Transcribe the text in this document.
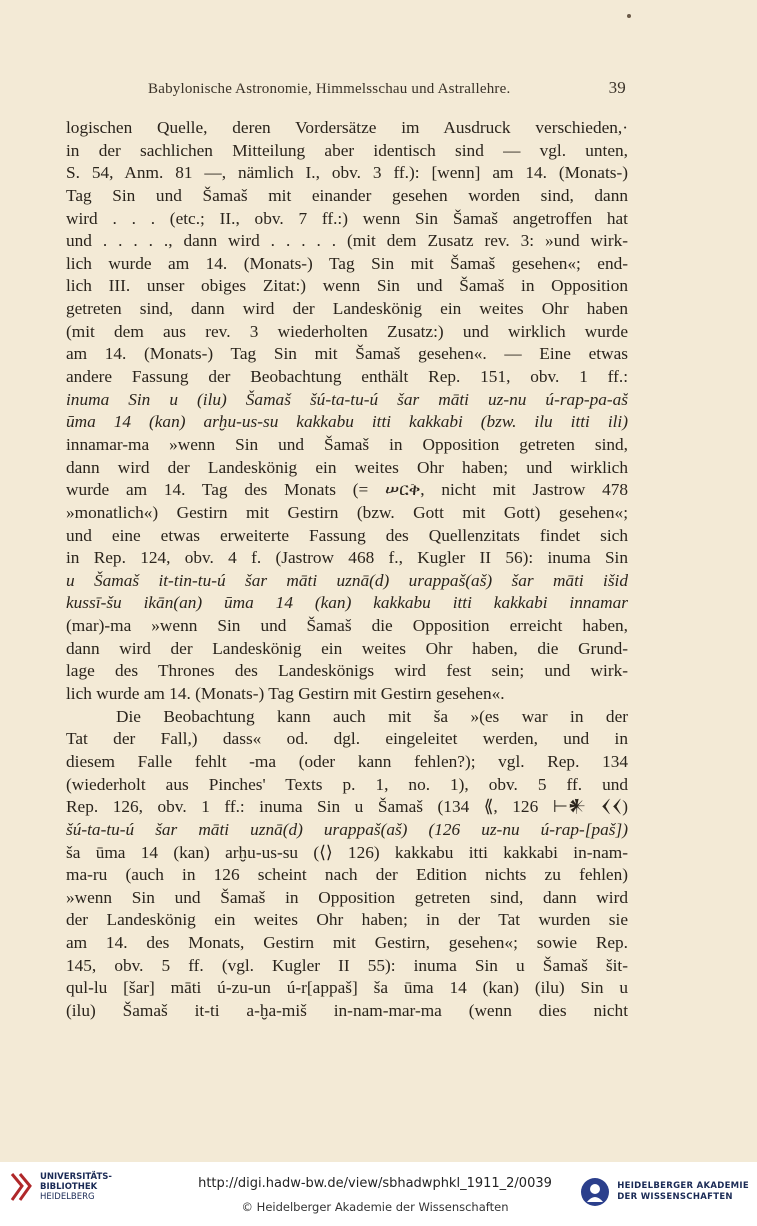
Babylonische Astronomie, Himmelsschau und Astrallehre.	39
logischen Quelle, deren Vordersätze im Ausdruck verschieden,·
in der sachlichen Mitteilung aber identisch sind — vgl. unten,
S. 54, Anm. 81 —, nämlich I., obv. 3 ff.): [wenn] am 14. (Monats-)
Tag Sin und Šamaš mit einander gesehen worden sind, dann
wird . . . (etc.; II., obv. 7 ff.:) wenn Sin Šamaš angetroffen hat
und . . . . ., dann wird . . . . . (mit dem Zusatz rev. 3: »und wirk-
lich wurde am 14. (Monats-) Tag Sin mit Šamaš gesehen«; end-
lich III. unser obiges Zitat:) wenn Sin und Šamaš in Opposition
getreten sind, dann wird der Landeskönig ein weites Ohr haben
(mit dem aus rev. 3 wiederholten Zusatz:) und wirklich wurde
am 14. (Monats-) Tag Sin mit Šamaš gesehen«. — Eine etwas
andere Fassung der Beobachtung enthält Rep. 151, obv. 1 ff.:
inuma Sin u (ilu) Šamaš šú-ta-tu-ú šar māti uz-nu ú-rap-pa-aš
ūma 14 (kan) arḫu-us-su kakkabu itti kakkabi (bzw. ilu itti ili)
innamar-ma »wenn Sin und Šamaš in Opposition getreten sind,
dann wird der Landeskönig ein weites Ohr haben; und wirklich
wurde am 14. Tag des Monats (= ሠርቅ, nicht mit Jastrow 478
»monatlich«) Gestirn mit Gestirn (bzw. Gott mit Gott) gesehen«;
und eine etwas erweiterte Fassung des Quellenzitats findet sich
in Rep. 124, obv. 4 f. (Jastrow 468 f., Kugler II 56): inuma Sin
u Šamaš it-tin-tu-ú šar māti uznā(d) urappaš(aš) šar māti išid
kussī-šu ikān(an) ūma 14 (kan) kakkabu itti kakkabi innamar
(mar)-ma »wenn Sin und Šamaš die Opposition erreicht haben,
dann wird der Landeskönig ein weites Ohr haben, die Grund-
lage des Thrones des Landeskönigs wird fest sein; und wirk-
lich wurde am 14. (Monats-) Tag Gestirn mit Gestirn gesehen«.
Die Beobachtung kann auch mit ša »(es war in der
Tat der Fall,) dass« od. dgl. eingeleitet werden, und in
diesem Falle fehlt -ma (oder kann fehlen?); vgl. Rep. 134
(wiederholt aus Pinches' Texts p. 1, no. 1), obv. 5 ff. und
Rep. 126, obv. 1 ff.: inuma Sin u Šamaš (134 ⟪, 126 ⊢𒀭 𒌋𒌋)
šú-ta-tu-ú šar māti uznā(d) urappaš(aš) (126 uz-nu ú-rap-[paš])
ša ūma 14 (kan) arḫu-us-su (⟨⟩ 126) kakkabu itti kakkabi in-nam-
ma-ru (auch in 126 scheint nach der Edition nichts zu fehlen)
»wenn Sin und Šamaš in Opposition getreten sind, dann wird
der Landeskönig ein weites Ohr haben; in der Tat wurden sie
am 14. des Monats, Gestirn mit Gestirn, gesehen«; sowie Rep.
145, obv. 5 ff. (vgl. Kugler II 55): inuma Sin u Šamaš šit-
qul-lu [šar] māti ú-zu-un ú-r[appaš] ša ūma 14 (kan) (ilu) Sin u
(ilu) Šamaš it-ti a-ḫa-miš in-nam-mar-ma (wenn dies nicht
UNIVERSITÄTS-
BIBLIOTHEK
HEIDELBERG
http://digi.hadw-bw.de/view/sbhadwphkl_1911_2/0039
© Heidelberger Akademie der Wissenschaften
HEIDELBERGER AKADEMIE
DER WISSENSCHAFTEN
